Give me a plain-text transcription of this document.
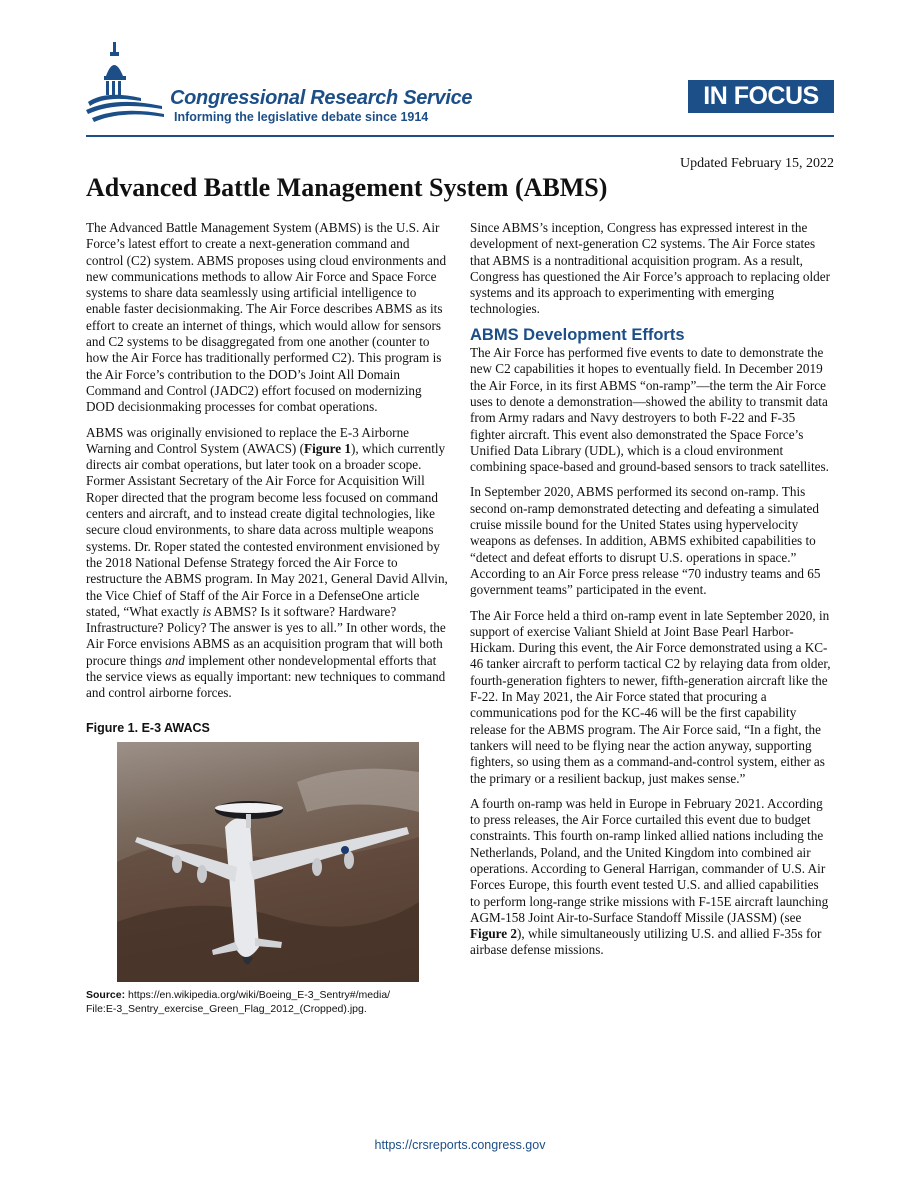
Congressional Research Service
Informing the legislative debate since 1914
IN FOCUS
Updated February 15, 2022
Advanced Battle Management System (ABMS)

The Advanced Battle Management System (ABMS) is the U.S. Air Force’s latest effort to create a next-generation command and control (C2) system. ABMS proposes using cloud environments and new communications methods to allow Air Force and Space Force systems to share data seamlessly using artificial intelligence to enable faster decisionmaking. The Air Force describes ABMS as its effort to create an internet of things, which would allow for sensors and C2 systems to be disaggregated from one another (counter to how the Air Force has traditionally performed C2). This program is the Air Force’s contribution to the DOD’s Joint All Domain Command and Control (JADC2) effort focused on modernizing DOD decisionmaking processes for combat operations.

ABMS was originally envisioned to replace the E-3 Airborne Warning and Control System (AWACS) (Figure 1), which currently directs air combat operations, but later took on a broader scope. Former Assistant Secretary of the Air Force for Acquisition Will Roper directed that the program become less focused on command centers and aircraft, and to instead create digital technologies, like secure cloud environments, to share data across multiple weapons systems. Dr. Roper stated the contested environment envisioned by the 2018 National Defense Strategy forced the Air Force to restructure the ABMS program. In May 2021, General David Allvin, the Vice Chief of Staff of the Air Force in a DefenseOne article stated, “What exactly is ABMS? Is it software? Hardware? Infrastructure? Policy? The answer is yes to all.” In other words, the Air Force envisions ABMS as an acquisition program that will both procure things and implement other nondevelopmental efforts that the service views as equally important: new techniques to command and control airborne forces.

Figure 1. E-3 AWACS
Source: https://en.wikipedia.org/wiki/Boeing_E-3_Sentry#/media/
File:E-3_Sentry_exercise_Green_Flag_2012_(Cropped).jpg.

Since ABMS’s inception, Congress has expressed interest in the development of next-generation C2 systems. The Air Force states that ABMS is a nontraditional acquisition program. As a result, Congress has questioned the Air Force’s approach to replacing older systems and its approach to experimenting with emerging technologies.

ABMS Development Efforts

The Air Force has performed five events to date to demonstrate the new C2 capabilities it hopes to eventually field. In December 2019 the Air Force, in its first ABMS “on-ramp”—the term the Air Force uses to denote a demonstration—showed the ability to transmit data from Army radars and Navy destroyers to both F-22 and F-35 fighter aircraft. This event also demonstrated the Space Force’s Unified Data Library (UDL), which is a cloud environment combining space-based and ground-based sensors to track satellites.

In September 2020, ABMS performed its second on-ramp. This second on-ramp demonstrated detecting and defeating a simulated cruise missile bound for the United States using hypervelocity weapons as defenses. In addition, ABMS exhibited capabilities to “detect and defeat efforts to disrupt U.S. operations in space.” According to an Air Force press release “70 industry teams and 65 government teams” participated in the event.

The Air Force held a third on-ramp event in late September 2020, in support of exercise Valiant Shield at Joint Base Pearl Harbor-Hickam. During this event, the Air Force demonstrated using a KC-46 tanker aircraft to perform tactical C2 by relaying data from older, fourth-generation fighters to newer, fifth-generation aircraft like the F-22. In May 2021, the Air Force stated that procuring a communications pod for the KC-46 will be the first capability release for the ABMS program. The Air Force said, “In a fight, the tankers will need to be flying near the action anyway, supporting fighters, so using them as a command-and-control system, either as the primary or a resilient backup, just makes sense.”

A fourth on-ramp was held in Europe in February 2021. According to press releases, the Air Force curtailed this event due to budget constraints. This fourth on-ramp linked allied nations including the Netherlands, Poland, and the United Kingdom into combined air operations. According to General Harrigan, commander of U.S. Air Forces Europe, this fourth event tested U.S. and allied capabilities to perform long-range strike missions with F-15E aircraft launching AGM-158 Joint Air-to-Surface Standoff Missile (JASSM) (see Figure 2), while simultaneously utilizing U.S. and allied F-35s for airbase defense missions.

https://crsreports.congress.gov
